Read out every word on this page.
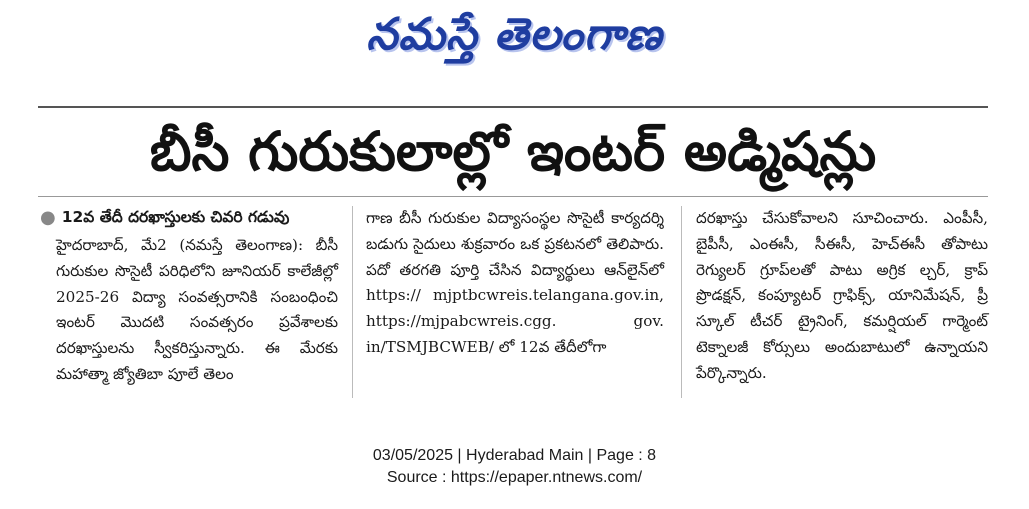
నమస్తే తెలంగాణ
బీసీ గురుకులాల్లో ఇంటర్ అడ్మిషన్లు
● 12వ తేదీ దరఖాస్తులకు చివరి గడువు

హైదరాబాద్, మే2 (నమస్తే తెలంగాణ): బీసీ గురుకుల సొసైటీ పరిధిలోని జూనియర్ కాలేజీల్లో 2025-26 విద్యా సంవత్సరానికి సంబంధించి ఇంటర్ మొదటి సంవత్సరం ప్రవేశాలకు దరఖాస్తులను స్వీకరిస్తున్నారు. ఈ మేరకు మహాత్మా జ్యోతిబా పూలే తెలం

గాణ బీసీ గురుకుల విద్యాసంస్థల సొసైటీ కార్యదర్శి బడుగు సైదులు శుక్రవారం ఒక ప్రకటనలో తెలిపారు. పదో తరగతి పూర్తి చేసిన విద్యార్థులు ఆన్‌లైన్‌లో https:// mjptbcwreis.telangana.gov.in, https://mjpabcwreis.cgg. gov. in/TSMJBCWEB/ లో 12వ తేదీలోగా

దరఖాస్తు చేసుకోవాలని సూచించారు. ఎంపీసీ, బైపీసీ, ఎంఈసీ, సీఈసీ, హెచ్‌ఈసీ తోపాటు రెగ్యులర్ గ్రూప్‌లతో పాటు అగ్రిక ల్చర్, క్రాప్ ప్రొడక్షన్, కంప్యూటర్ గ్రాఫిక్స్, యానిమేషన్, ప్రీ స్కూల్ టీచర్ ట్రైనింగ్, కమర్షియల్ గార్మెంట్ టెక్నాలజీ కోర్సులు అందుబాటులో ఉన్నాయని పేర్కొన్నారు.

03/05/2025 | Hyderabad Main | Page : 8
Source : https://epaper.ntnews.com/
